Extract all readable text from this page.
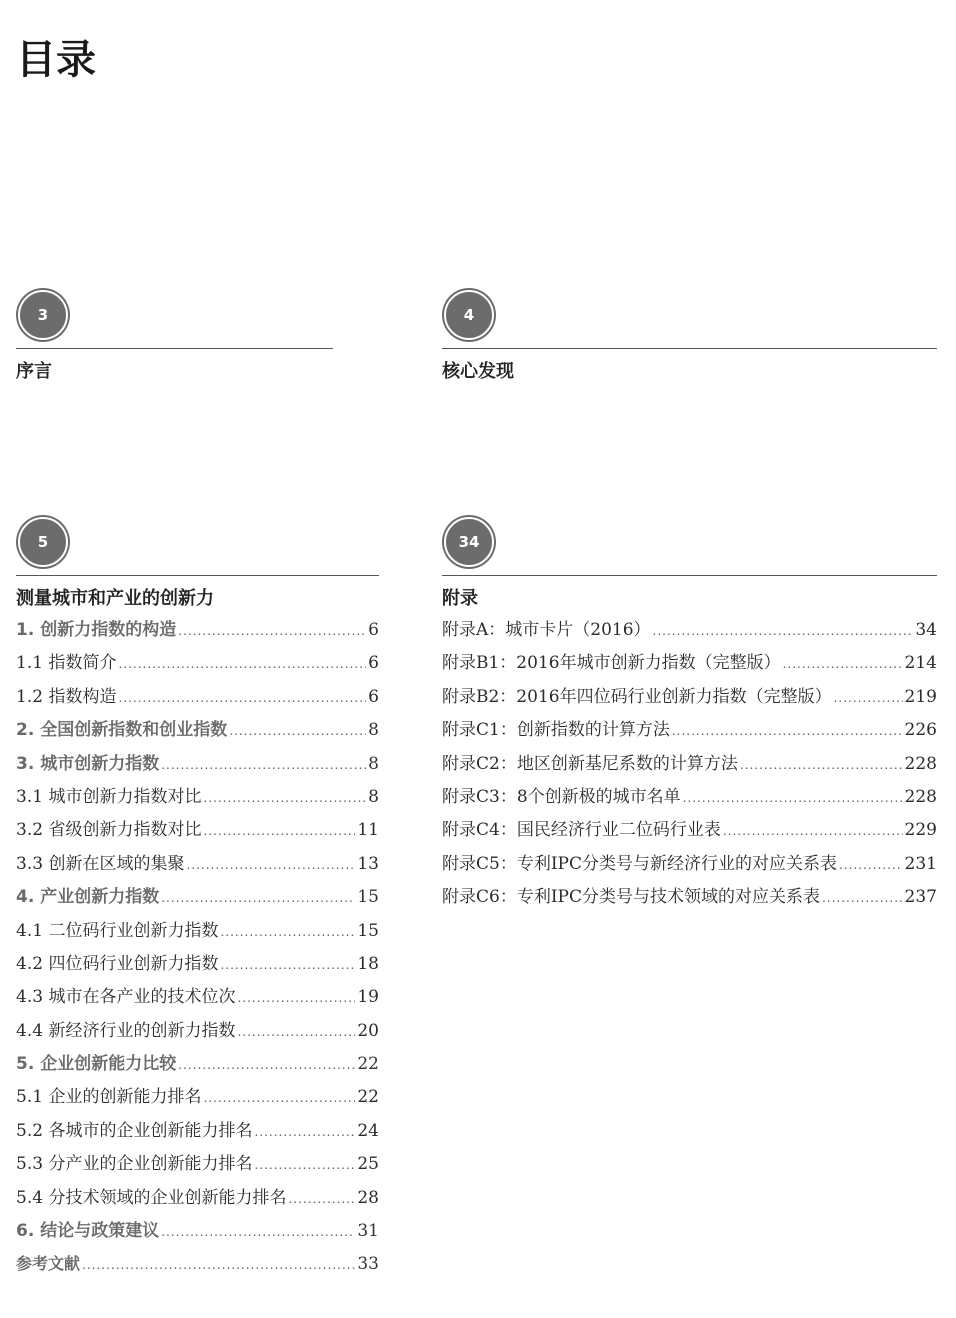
目录
3
序言
4
核心发现
5
测量城市和产业的创新力
1. 创新力指数的构造 .....	6
1.1 指数简介 .....	6
1.2 指数构造 .....	6
2. 全国创新指数和创业指数 .....	8
3. 城市创新力指数 .....	8
3.1 城市创新力指数对比 .....	8
3.2 省级创新力指数对比 .....	11
3.3 创新在区域的集聚 .....	13
4. 产业创新力指数 .....	15
4.1 二位码行业创新力指数 .....	15
4.2 四位码行业创新力指数 .....	18
4.3 城市在各产业的技术位次 .....	19
4.4 新经济行业的创新力指数 .....	20
5. 企业创新能力比较 .....	22
5.1 企业的创新能力排名 .....	22
5.2 各城市的企业创新能力排名 .....	24
5.3 分产业的企业创新能力排名 .....	25
5.4 分技术领域的企业创新能力排名 .....	28
6. 结论与政策建议 .....	31
参考文献 .....	33
34
附录
附录A：城市卡片（2016） .....	34
附录B1：2016年城市创新力指数（完整版） .....	214
附录B2：2016年四位码行业创新力指数（完整版） .....	219
附录C1：创新指数的计算方法 .....	226
附录C2：地区创新基尼系数的计算方法 .....	228
附录C3：8个创新极的城市名单 .....	228
附录C4：国民经济行业二位码行业表 .....	229
附录C5：专利IPC分类号与新经济行业的对应关系表 .....	231
附录C6：专利IPC分类号与技术领域的对应关系表 .....	237
